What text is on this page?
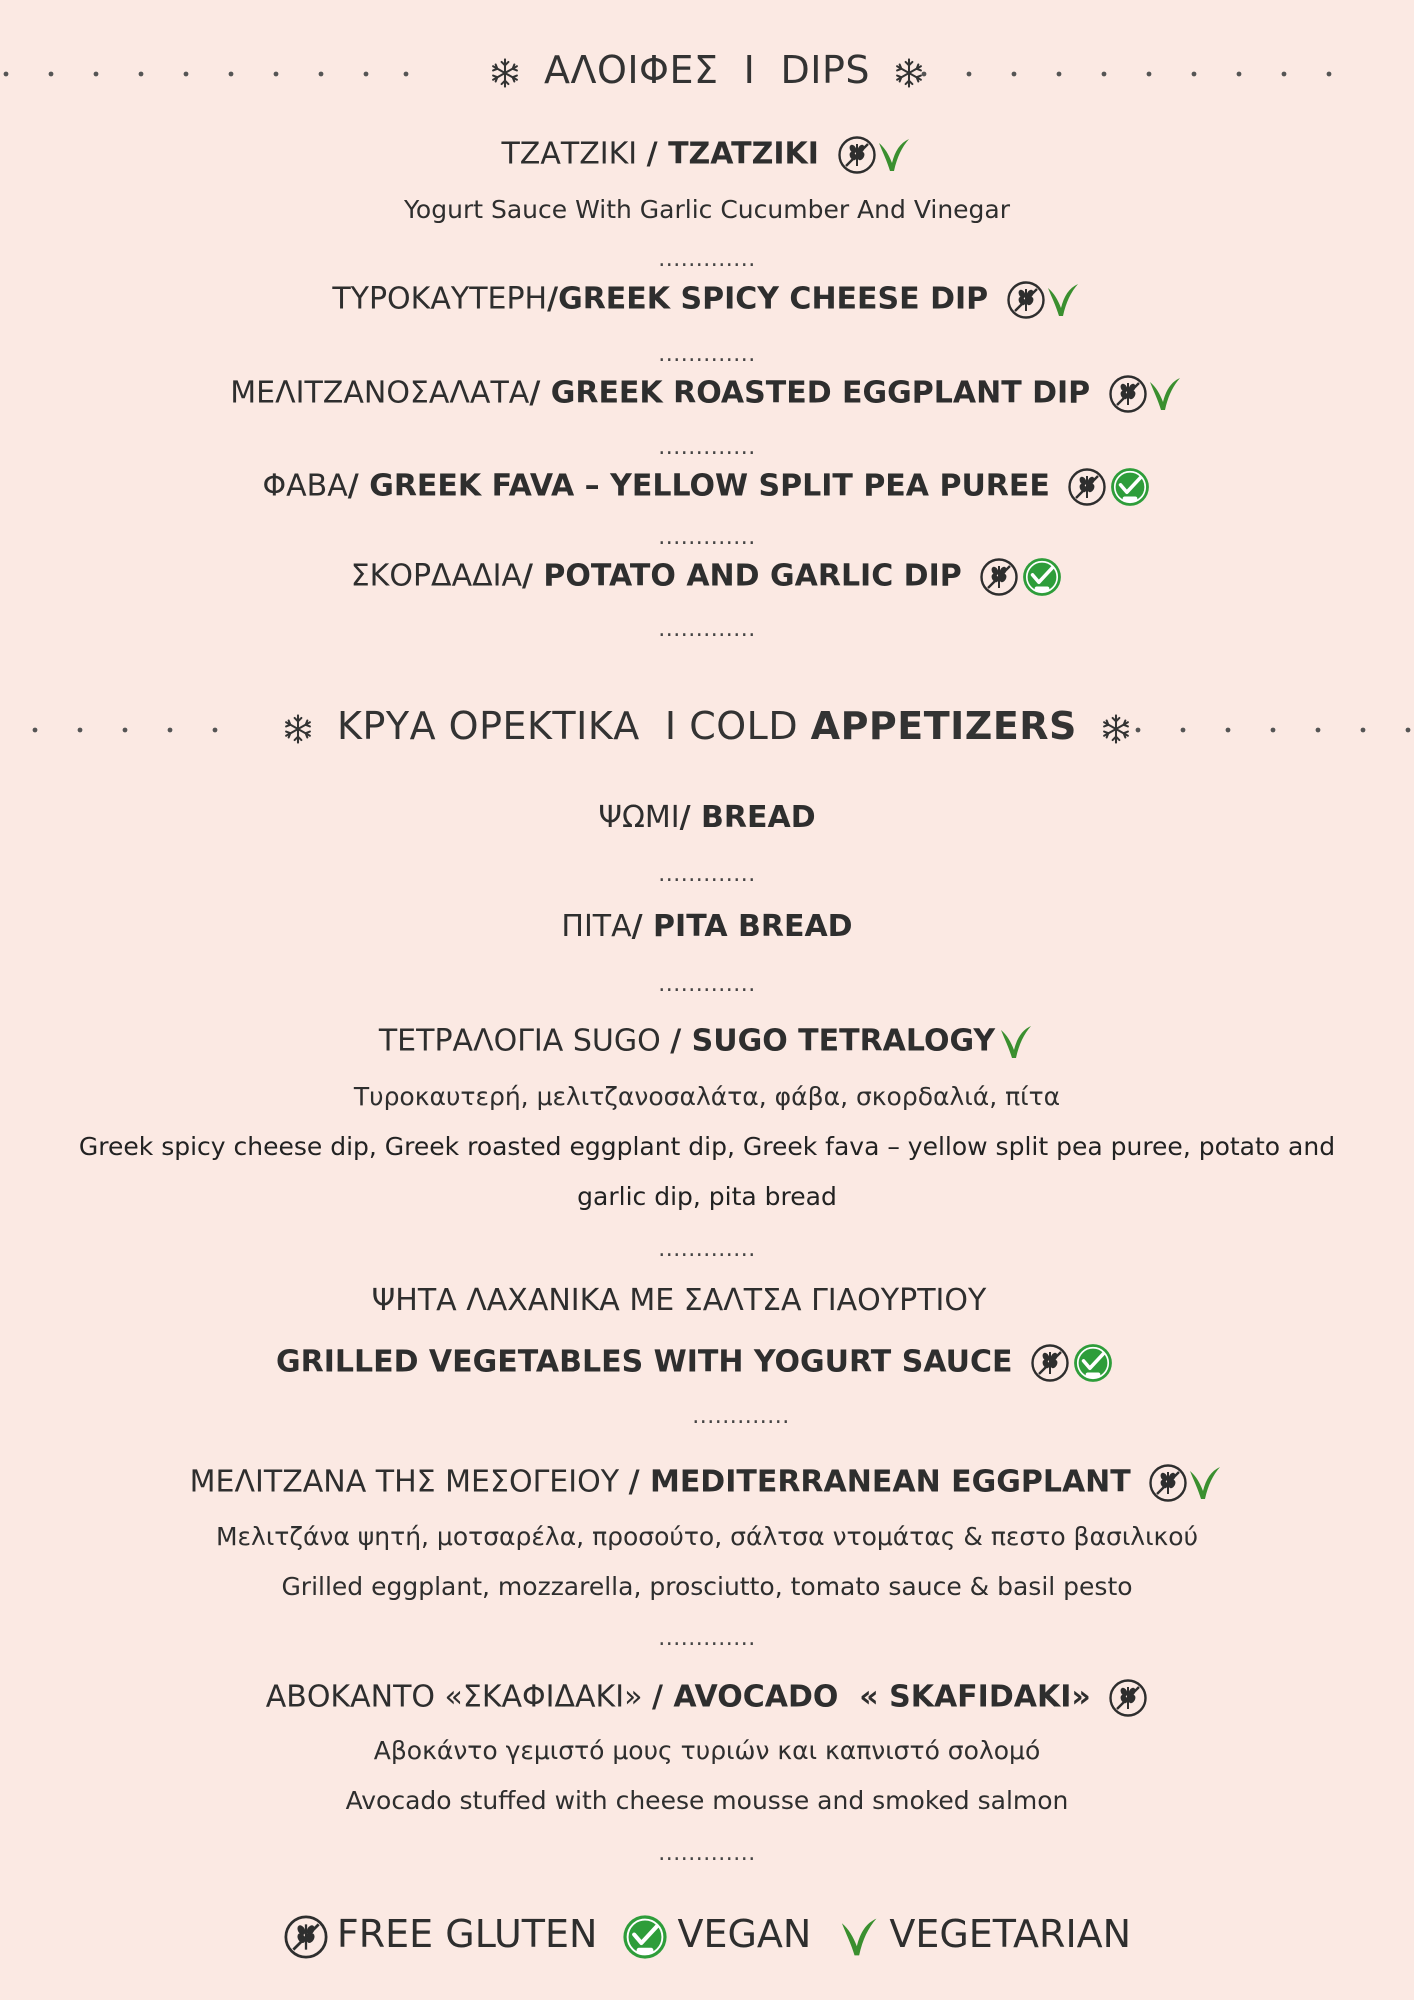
ΑΛΟΙΦΕΣ  Ι  DIPS
ΤΖΑΤΖΙΚΙ / TZATZIKI
Yogurt Sauce With Garlic Cucumber And Vinegar
.............
ΤΥΡΟΚΑΥΤΕΡΗ/GREEK SPICY CHEESE DIP
.............
ΜΕΛΙΤΖΑΝΟΣΑΛΑΤΑ/ GREEK ROASTED EGGPLANT DIP
.............
ΦΑΒΑ/ GREEK FAVA – YELLOW SPLIT PEA PUREE
.............
ΣΚΟΡΔΑΔΙΑ/ POTATO AND GARLIC DIP
.............
ΚΡΥΑ ΟΡΕΚΤΙΚΑ  Ι COLD APPETIZERS
ΨΩΜΙ/ BREAD
.............
ΠΙΤΑ/ PITA BREAD
.............
ΤΕΤΡΑΛΟΓΙΑ SUGO / SUGO TETRALOGY
Τυροκαυτερή, μελιτζανοσαλάτα, φάβα, σκορδαλιά, πίτα
Greek spicy cheese dip, Greek roasted eggplant dip, Greek fava – yellow split pea puree, potato and
garlic dip, pita bread
.............
ΨΗΤΑ ΛΑΧΑΝΙΚΑ ΜΕ ΣΑΛΤΣΑ ΓΙΑΟΥΡΤΙΟΥ
GRILLED VEGETABLES WITH YOGURT SAUCE
.............
ΜΕΛΙΤΖΑΝΑ ΤΗΣ ΜΕΣΟΓΕΙΟΥ / MEDITERRANEAN EGGPLANT
Μελιτζάνα ψητή, μοτσαρέλα, προσούτο, σάλτσα ντομάτας & πεστο βασιλικού
Grilled eggplant, mozzarella, prosciutto, tomato sauce & basil pesto
.............
ΑΒΟΚΑΝΤΟ «ΣΚΑΦΙΔΑΚΙ» / AVOCADO  « SKAFIDAKI»
Αβοκάντο γεμιστό μους τυριών και καπνιστό σολομό
Avocado stuffed with cheese mousse and smoked salmon
.............
FREE GLUTEN VEGAN VEGETARIAN
